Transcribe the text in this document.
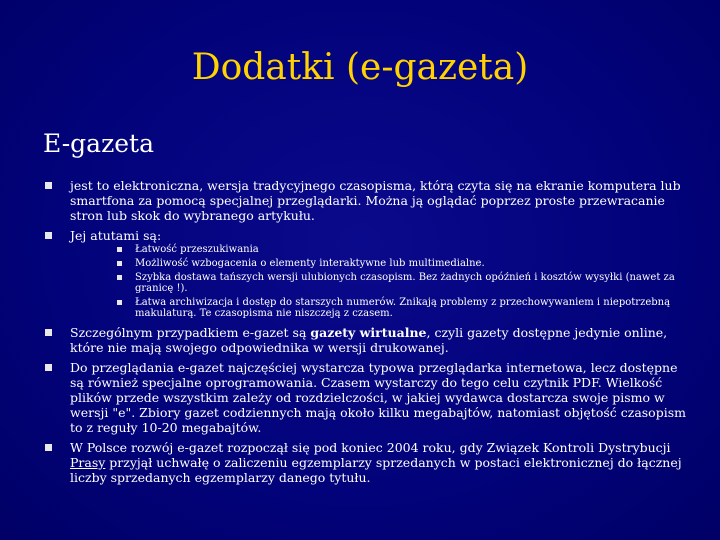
Dodatki (e-gazeta)
E-gazeta
jest to elektroniczna, wersja tradycyjnego czasopisma, którą czyta się na ekranie komputera lub smartfona za pomocą specjalnej przeglądarki. Można ją oglądać poprzez proste przewracanie stron lub skok do wybranego artykułu.
Jej atutami są:
Łatwość przeszukiwania
Możliwość wzbogacenia o elementy interaktywne lub multimedialne.
Szybka dostawa tańszych wersji ulubionych czasopism. Bez żadnych opóźnień i kosztów wysyłki (nawet za granicę !).
Łatwa archiwizacja i dostęp do starszych numerów. Znikają problemy z przechowywaniem i niepotrzebną makulaturą. Te czasopisma nie niszczeją z czasem.
Szczególnym przypadkiem e-gazet są gazety wirtualne, czyli gazety dostępne jedynie online, które nie mają swojego odpowiednika w wersji drukowanej.
Do przeglądania e-gazet najczęściej wystarcza typowa przeglądarka internetowa, lecz dostępne są również specjalne oprogramowania. Czasem wystarczy do tego celu czytnik PDF. Wielkość plików przede wszystkim zależy od rozdzielczości, w jakiej wydawca dostarcza swoje pismo w wersji "e". Zbiory gazet codziennych mają około kilku megabajtów, natomiast objętość czasopism to z reguły 10-20 megabajtów.
W Polsce rozwój e-gazet rozpoczął się pod koniec 2004 roku, gdy Związek Kontroli Dystrybucji Prasy przyjął uchwałę o zaliczeniu egzemplarzy sprzedanych w postaci elektronicznej do łącznej liczby sprzedanych egzemplarzy danego tytułu.
